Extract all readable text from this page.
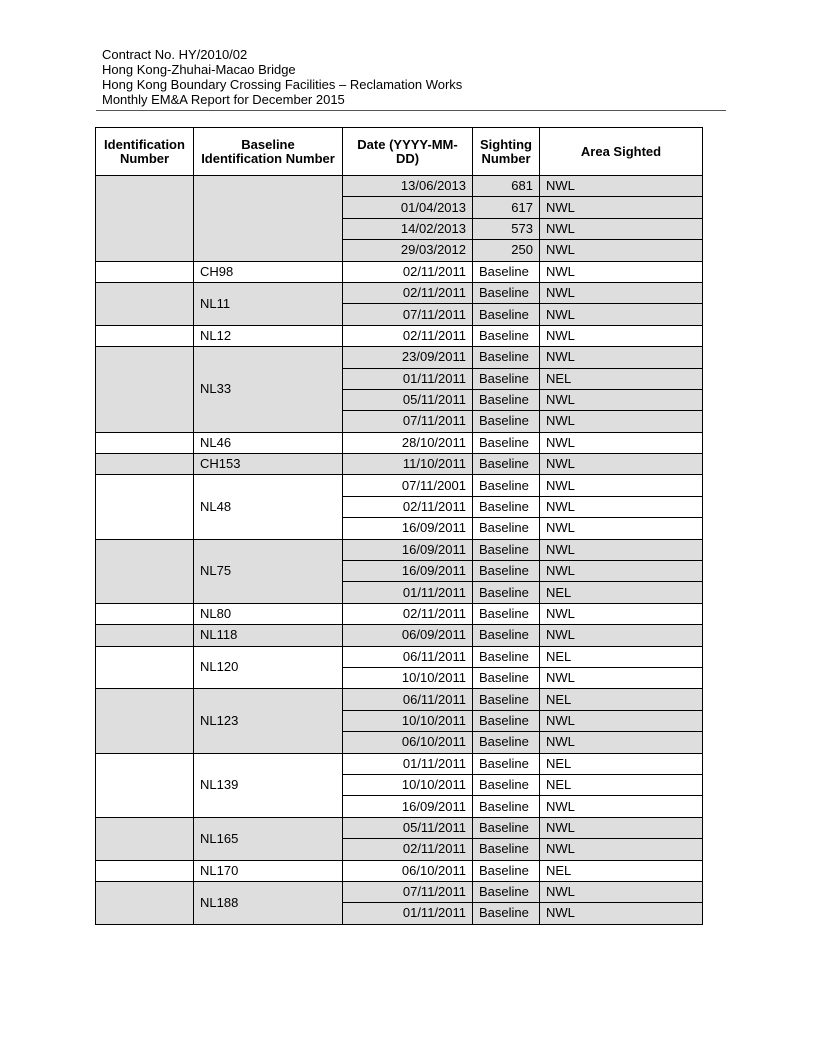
Contract No. HY/2010/02
Hong Kong-Zhuhai-Macao Bridge
Hong Kong Boundary Crossing Facilities – Reclamation Works
Monthly EM&A Report for December 2015
Identification Number	Baseline Identification Number	Date (YYYY-MM-DD)	Sighting Number	Area Sighted
		13/06/2013	681	NWL
		01/04/2013	617	NWL
		14/02/2013	573	NWL
		29/03/2012	250	NWL
	CH98	02/11/2011	Baseline	NWL
	NL11	02/11/2011	Baseline	NWL
		07/11/2011	Baseline	NWL
	NL12	02/11/2011	Baseline	NWL
	NL33	23/09/2011	Baseline	NWL
		01/11/2011	Baseline	NEL
		05/11/2011	Baseline	NWL
		07/11/2011	Baseline	NWL
	NL46	28/10/2011	Baseline	NWL
	CH153	11/10/2011	Baseline	NWL
	NL48	07/11/2001	Baseline	NWL
		02/11/2011	Baseline	NWL
		16/09/2011	Baseline	NWL
	NL75	16/09/2011	Baseline	NWL
		16/09/2011	Baseline	NWL
		01/11/2011	Baseline	NEL
	NL80	02/11/2011	Baseline	NWL
	NL118	06/09/2011	Baseline	NWL
	NL120	06/11/2011	Baseline	NEL
		10/10/2011	Baseline	NWL
	NL123	06/11/2011	Baseline	NEL
		10/10/2011	Baseline	NWL
		06/10/2011	Baseline	NWL
	NL139	01/11/2011	Baseline	NEL
		10/10/2011	Baseline	NEL
		16/09/2011	Baseline	NWL
	NL165	05/11/2011	Baseline	NWL
		02/11/2011	Baseline	NWL
	NL170	06/10/2011	Baseline	NEL
	NL188	07/11/2011	Baseline	NWL
		01/11/2011	Baseline	NWL
